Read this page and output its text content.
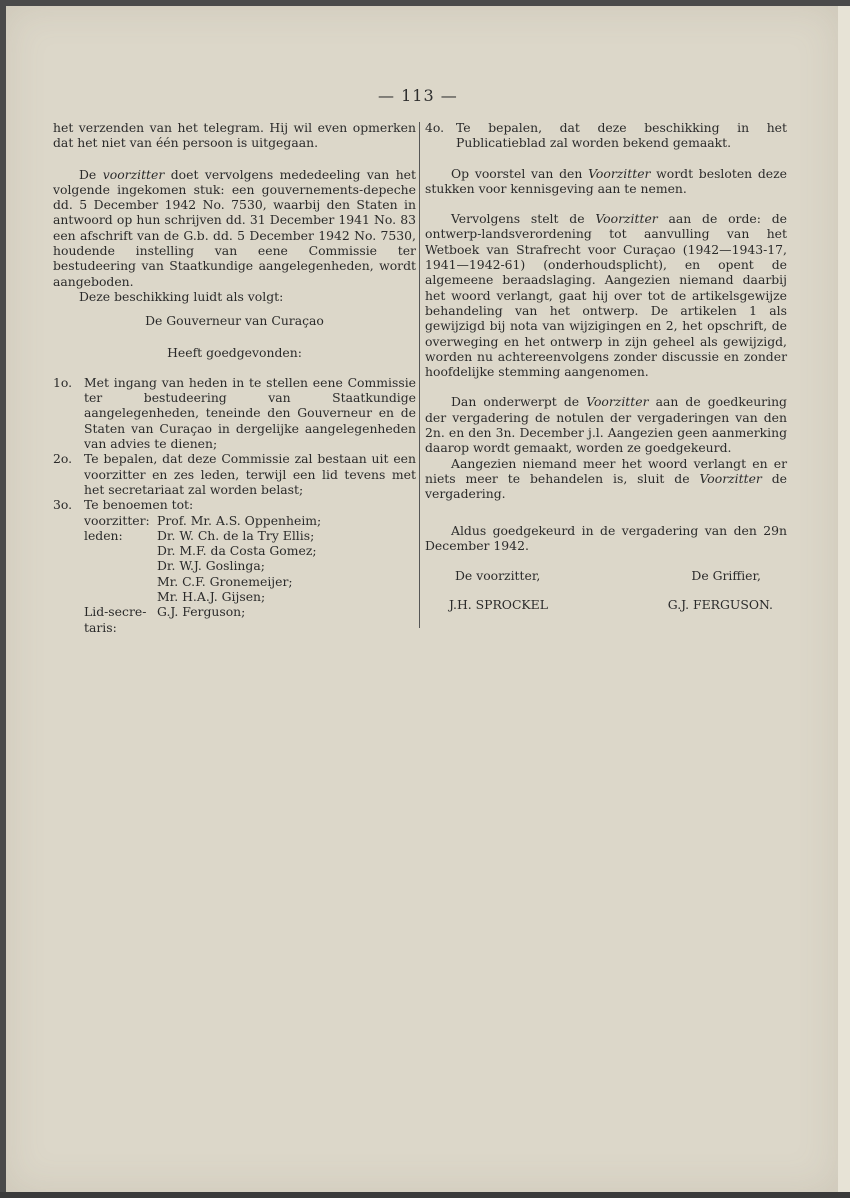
— 113 —

het verzenden van het telegram. Hij wil even opmerken dat het niet van één persoon is uitgegaan.

De voorzitter doet vervolgens mededeeling van het volgende ingekomen stuk: een gouvernements-depeche dd. 5 December 1942 No. 7530, waarbij den Staten in antwoord op hun schrijven dd. 31 December 1941 No. 83 een afschrift van de G.b. dd. 5 December 1942 No. 7530, houdende instelling van eene Commissie ter bestudeering van Staatkundige aangelegenheden, wordt aangeboden.

Deze beschikking luidt als volgt:

De Gouverneur van Curaçao

Heeft goedgevonden:

1o. Met ingang van heden in te stellen eene Commissie ter bestudeering van Staatkundige aangelegenheden, teneinde den Gouverneur en de Staten van Curaçao in dergelijke aangelegenheden van advies te dienen;
2o. Te bepalen, dat deze Commissie zal bestaan uit een voorzitter en zes leden, terwijl een lid tevens met het secretariaat zal worden belast;
3o. Te benoemen tot:
voorzitter: Prof. Mr. A.S. Oppenheim;
leden:	Dr. W. Ch. de la Try Ellis;
Dr. M.F. da Costa Gomez;
Dr. W.J. Goslinga;
Mr. C.F. Gronemeijer;
Mr. H.A.J. Gijsen;
Lid-secre- G.J. Ferguson;
taris:
4o. Te bepalen, dat deze beschikking in het Publicatieblad zal worden bekend gemaakt.

Op voorstel van den Voorzitter wordt besloten deze stukken voor kennisgeving aan te nemen.

Vervolgens stelt de Voorzitter aan de orde: de ontwerp-landsverordening tot aanvulling van het Wetboek van Strafrecht voor Curaçao (1942—1943-17, 1941—1942-61) (onderhoudsplicht), en opent de algemeene beraadslaging. Aangezien niemand daarbij het woord verlangt, gaat hij over tot de artikelsgewijze behandeling van het ontwerp. De artikelen 1 als gewijzigd bij nota van wijzigingen en 2, het opschrift, de overweging en het ontwerp in zijn geheel als gewijzigd, worden nu achtereenvolgens zonder discussie en zonder hoofdelijke stemming aangenomen.

Dan onderwerpt de Voorzitter aan de goedkeuring der vergadering de notulen der vergaderingen van den 2n. en den 3n. December j.l. Aangezien geen aanmerking daarop wordt gemaakt, worden ze goedgekeurd.

Aangezien niemand meer het woord verlangt en er niets meer te behandelen is, sluit de Voorzitter de vergadering.

Aldus goedgekeurd in de vergadering van den 29n December 1942.

De voorzitter,	De Griffier,
J.H. SPROCKEL	G.J. FERGUSON.
